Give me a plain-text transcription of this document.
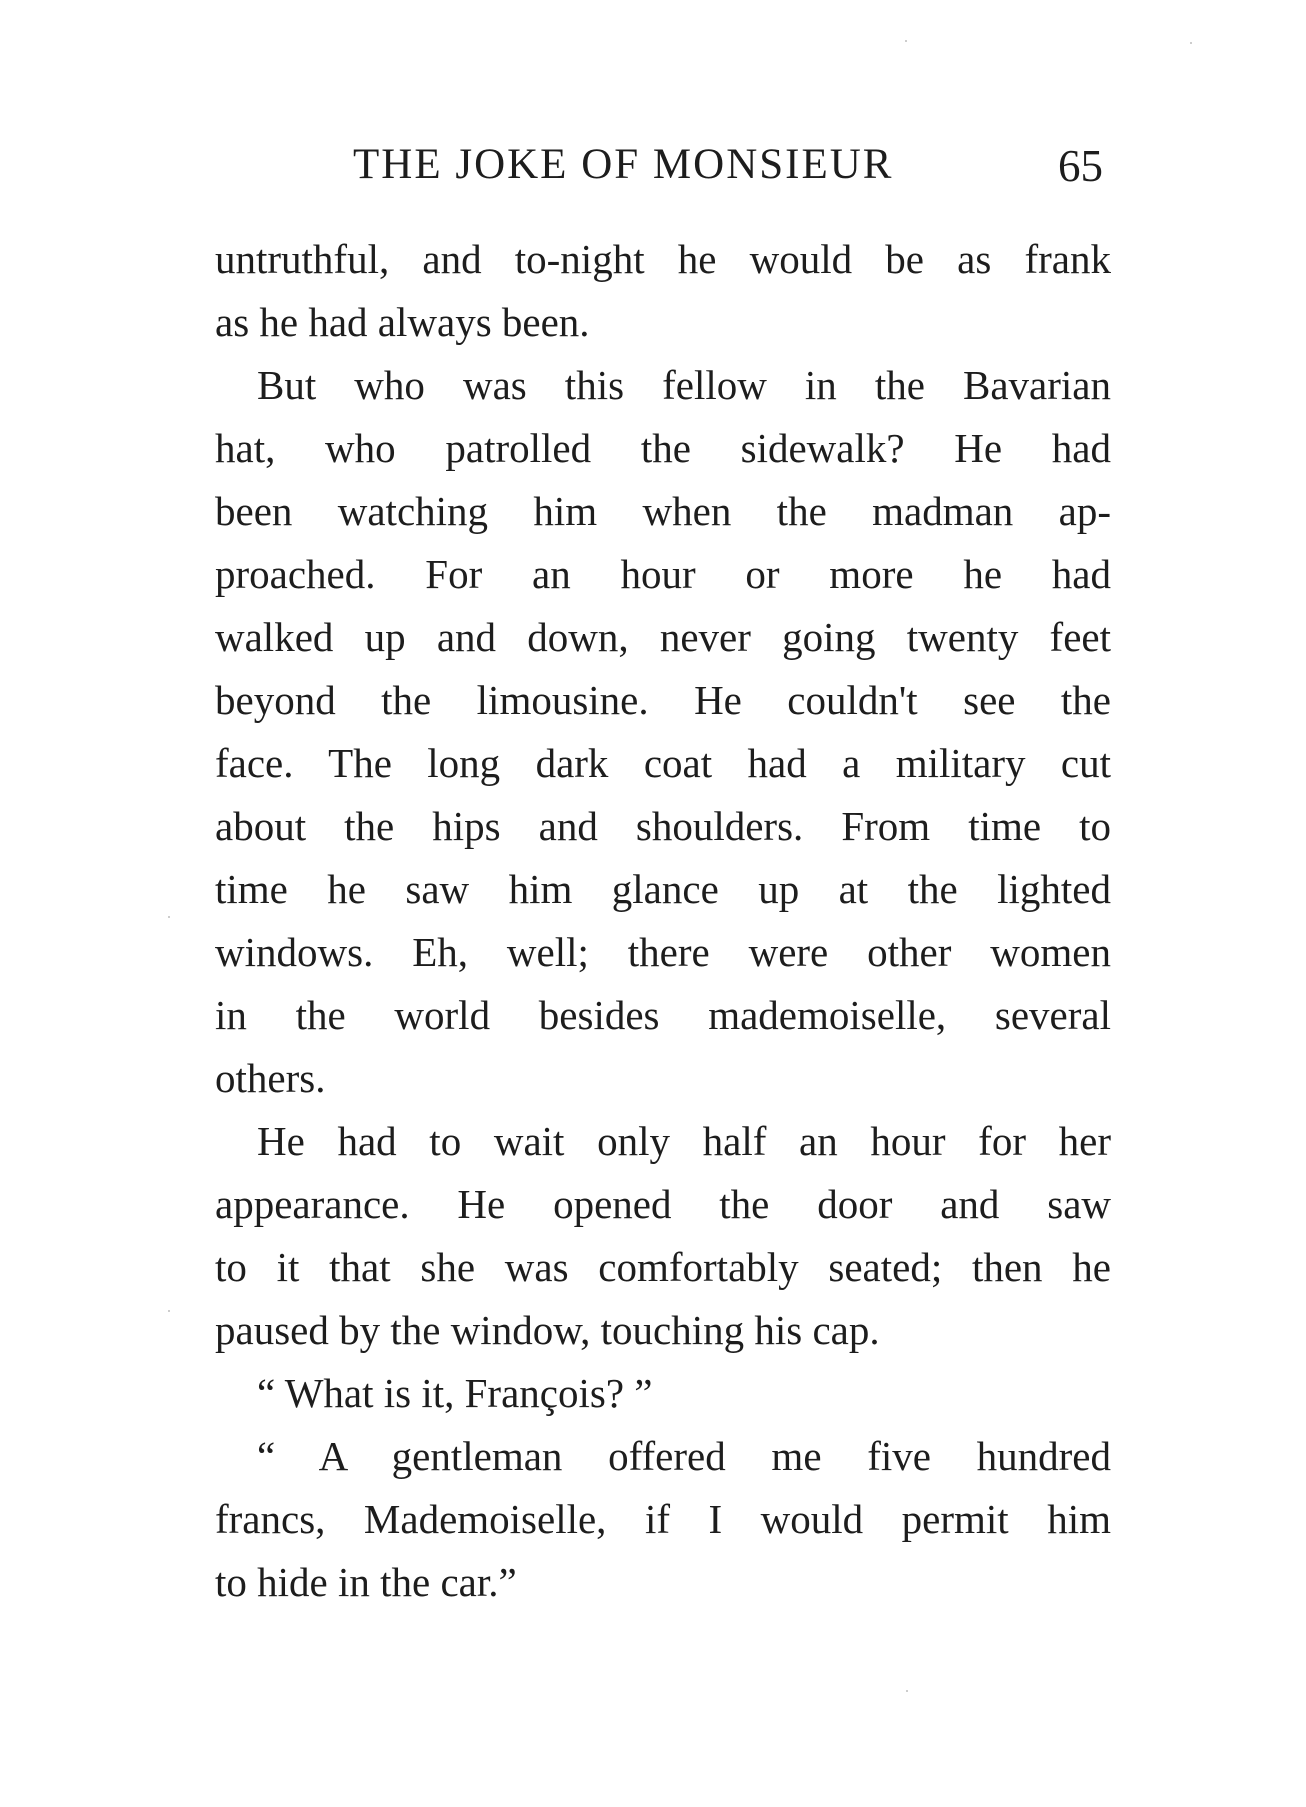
THE JOKE OF MONSIEUR	65
untruthful, and to-night he would be as frank
as he had always been.
But who was this fellow in the Bavarian
hat, who patrolled the sidewalk? He had
been watching him when the madman ap-
proached. For an hour or more he had
walked up and down, never going twenty feet
beyond the limousine. He couldn't see the
face. The long dark coat had a military cut
about the hips and shoulders. From time to
time he saw him glance up at the lighted
windows. Eh, well; there were other women
in the world besides mademoiselle, several
others.
He had to wait only half an hour for her
appearance. He opened the door and saw
to it that she was comfortably seated; then he
paused by the window, touching his cap.
“ What is it, François? ”
“ A gentleman offered me five hundred
francs, Mademoiselle, if I would permit him
to hide in the car.”
